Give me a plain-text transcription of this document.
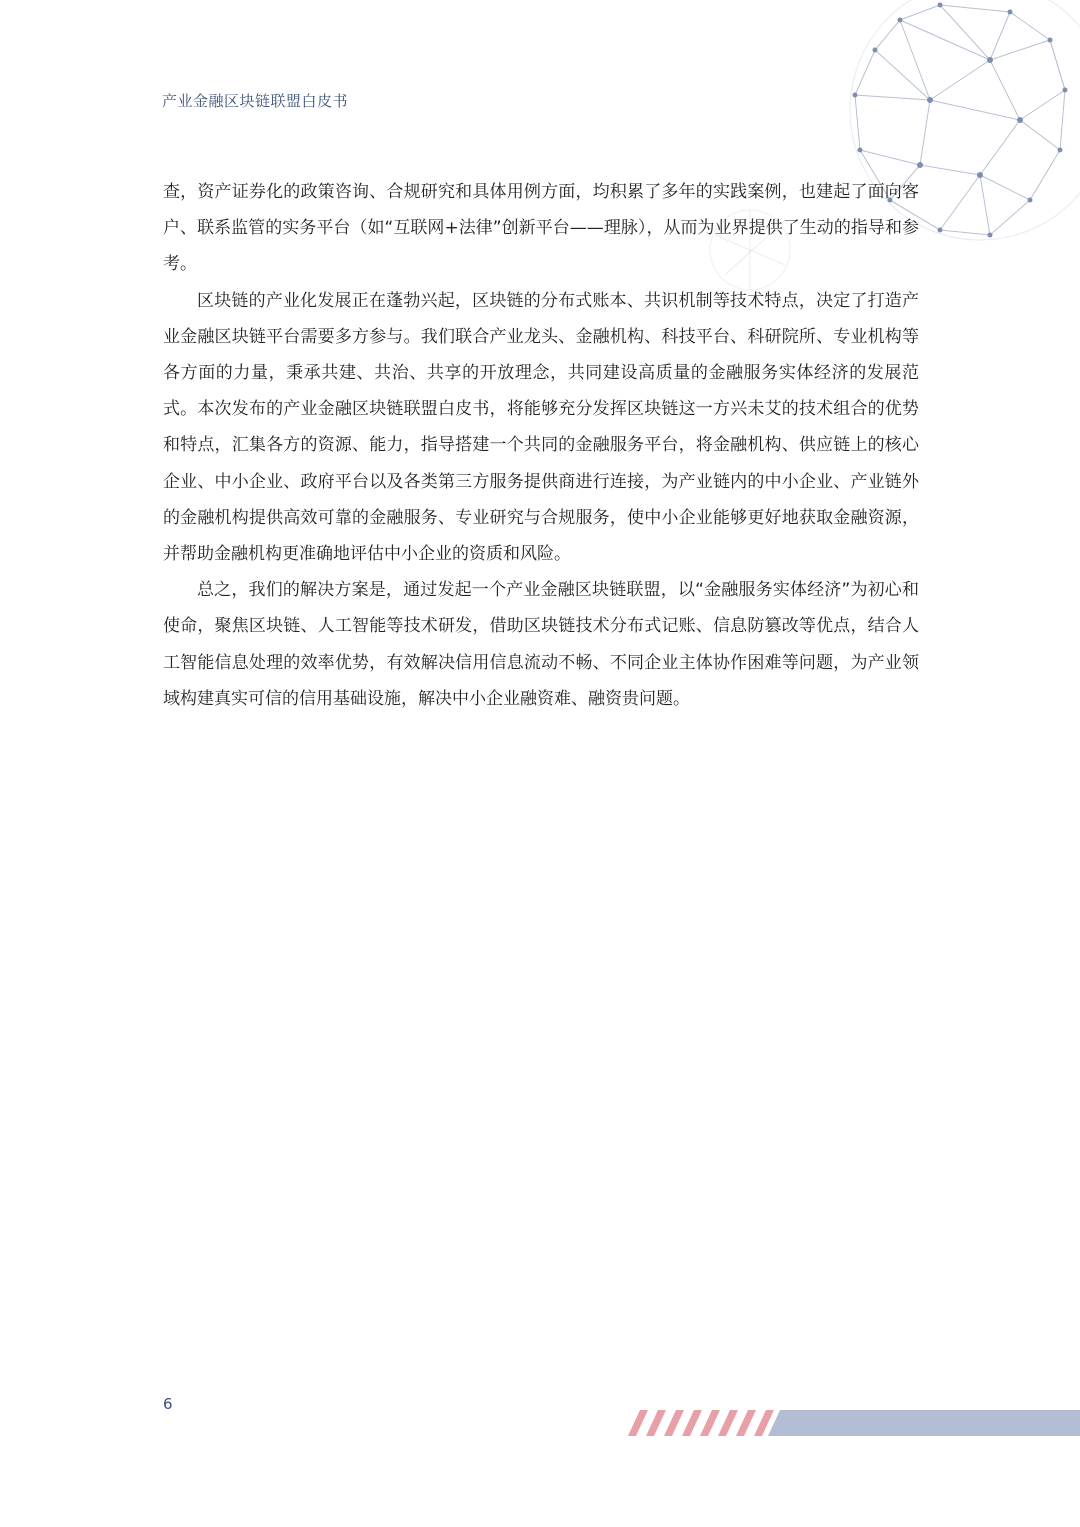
产业金融区块链联盟白皮书

查，资产证券化的政策咨询、合规研究和具体用例方面，均积累了多年的实践案例，也建起了面向客户、联系监管的实务平台（如“互联网+法律”创新平台——理脉），从而为业界提供了生动的指导和参考。

区块链的产业化发展正在蓬勃兴起，区块链的分布式账本、共识机制等技术特点，决定了打造产业金融区块链平台需要多方参与。我们联合产业龙头、金融机构、科技平台、科研院所、专业机构等各方面的力量，秉承共建、共治、共享的开放理念，共同建设高质量的金融服务实体经济的发展范式。本次发布的产业金融区块链联盟白皮书，将能够充分发挥区块链这一方兴未艾的技术组合的优势和特点，汇集各方的资源、能力，指导搭建一个共同的金融服务平台，将金融机构、供应链上的核心企业、中小企业、政府平台以及各类第三方服务提供商进行连接，为产业链内的中小企业、产业链外的金融机构提供高效可靠的金融服务、专业研究与合规服务，使中小企业能够更好地获取金融资源，并帮助金融机构更准确地评估中小企业的资质和风险。

总之，我们的解决方案是，通过发起一个产业金融区块链联盟，以“金融服务实体经济”为初心和使命，聚焦区块链、人工智能等技术研发，借助区块链技术分布式记账、信息防篡改等优点，结合人工智能信息处理的效率优势，有效解决信用信息流动不畅、不同企业主体协作困难等问题，为产业领域构建真实可信的信用基础设施，解决中小企业融资难、融资贵问题。

6
